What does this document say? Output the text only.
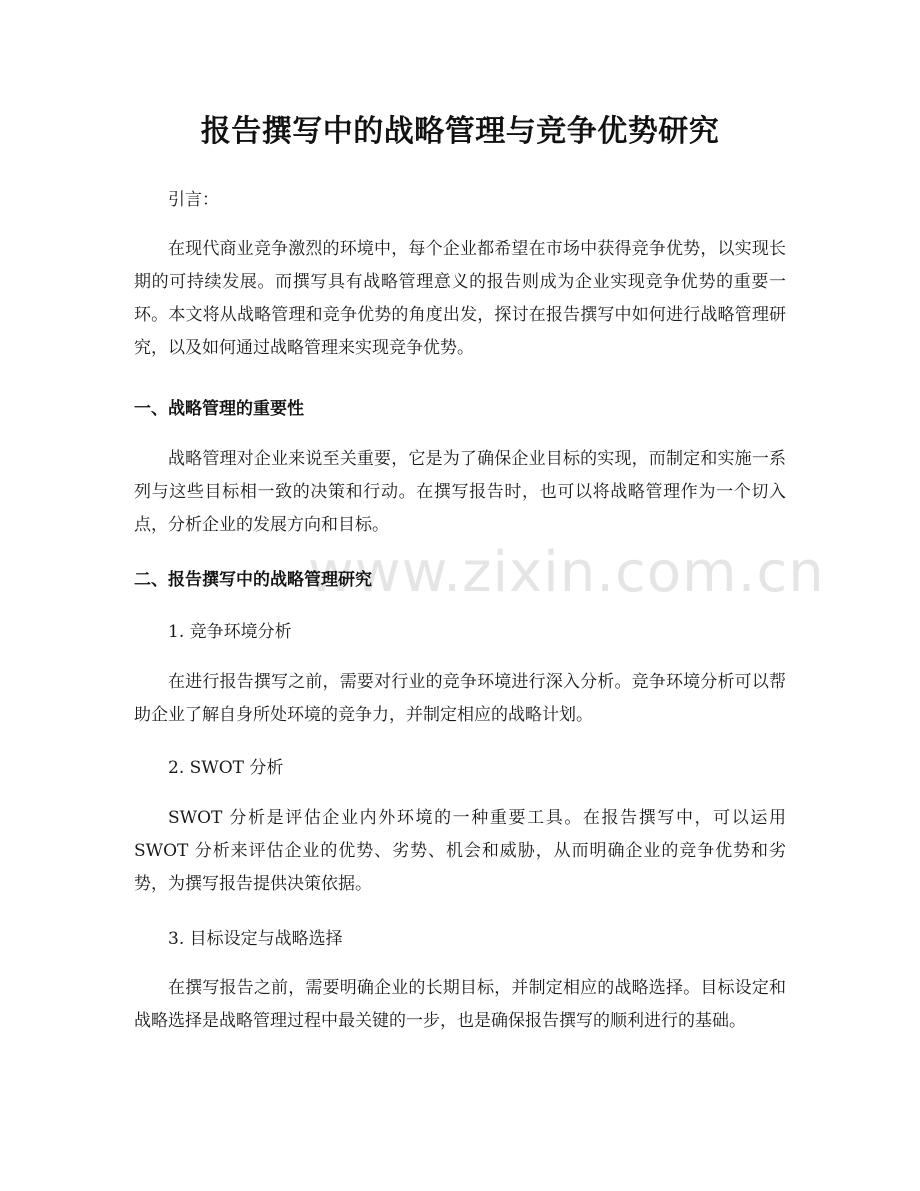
www.zixin.com.cn
报告撰写中的战略管理与竞争优势研究
引言：
在现代商业竞争激烈的环境中，每个企业都希望在市场中获得竞争优势，以实现长期的可持续发展。而撰写具有战略管理意义的报告则成为企业实现竞争优势的重要一环。本文将从战略管理和竞争优势的角度出发，探讨在报告撰写中如何进行战略管理研究，以及如何通过战略管理来实现竞争优势。
一、战略管理的重要性
战略管理对企业来说至关重要，它是为了确保企业目标的实现，而制定和实施一系列与这些目标相一致的决策和行动。在撰写报告时，也可以将战略管理作为一个切入点，分析企业的发展方向和目标。
二、报告撰写中的战略管理研究
1. 竞争环境分析
在进行报告撰写之前，需要对行业的竞争环境进行深入分析。竞争环境分析可以帮助企业了解自身所处环境的竞争力，并制定相应的战略计划。
2. SWOT 分析
SWOT 分析是评估企业内外环境的一种重要工具。在报告撰写中，可以运用 SWOT 分析来评估企业的优势、劣势、机会和威胁，从而明确企业的竞争优势和劣势，为撰写报告提供决策依据。
3. 目标设定与战略选择
在撰写报告之前，需要明确企业的长期目标，并制定相应的战略选择。目标设定和战略选择是战略管理过程中最关键的一步，也是确保报告撰写的顺利进行的基础。
